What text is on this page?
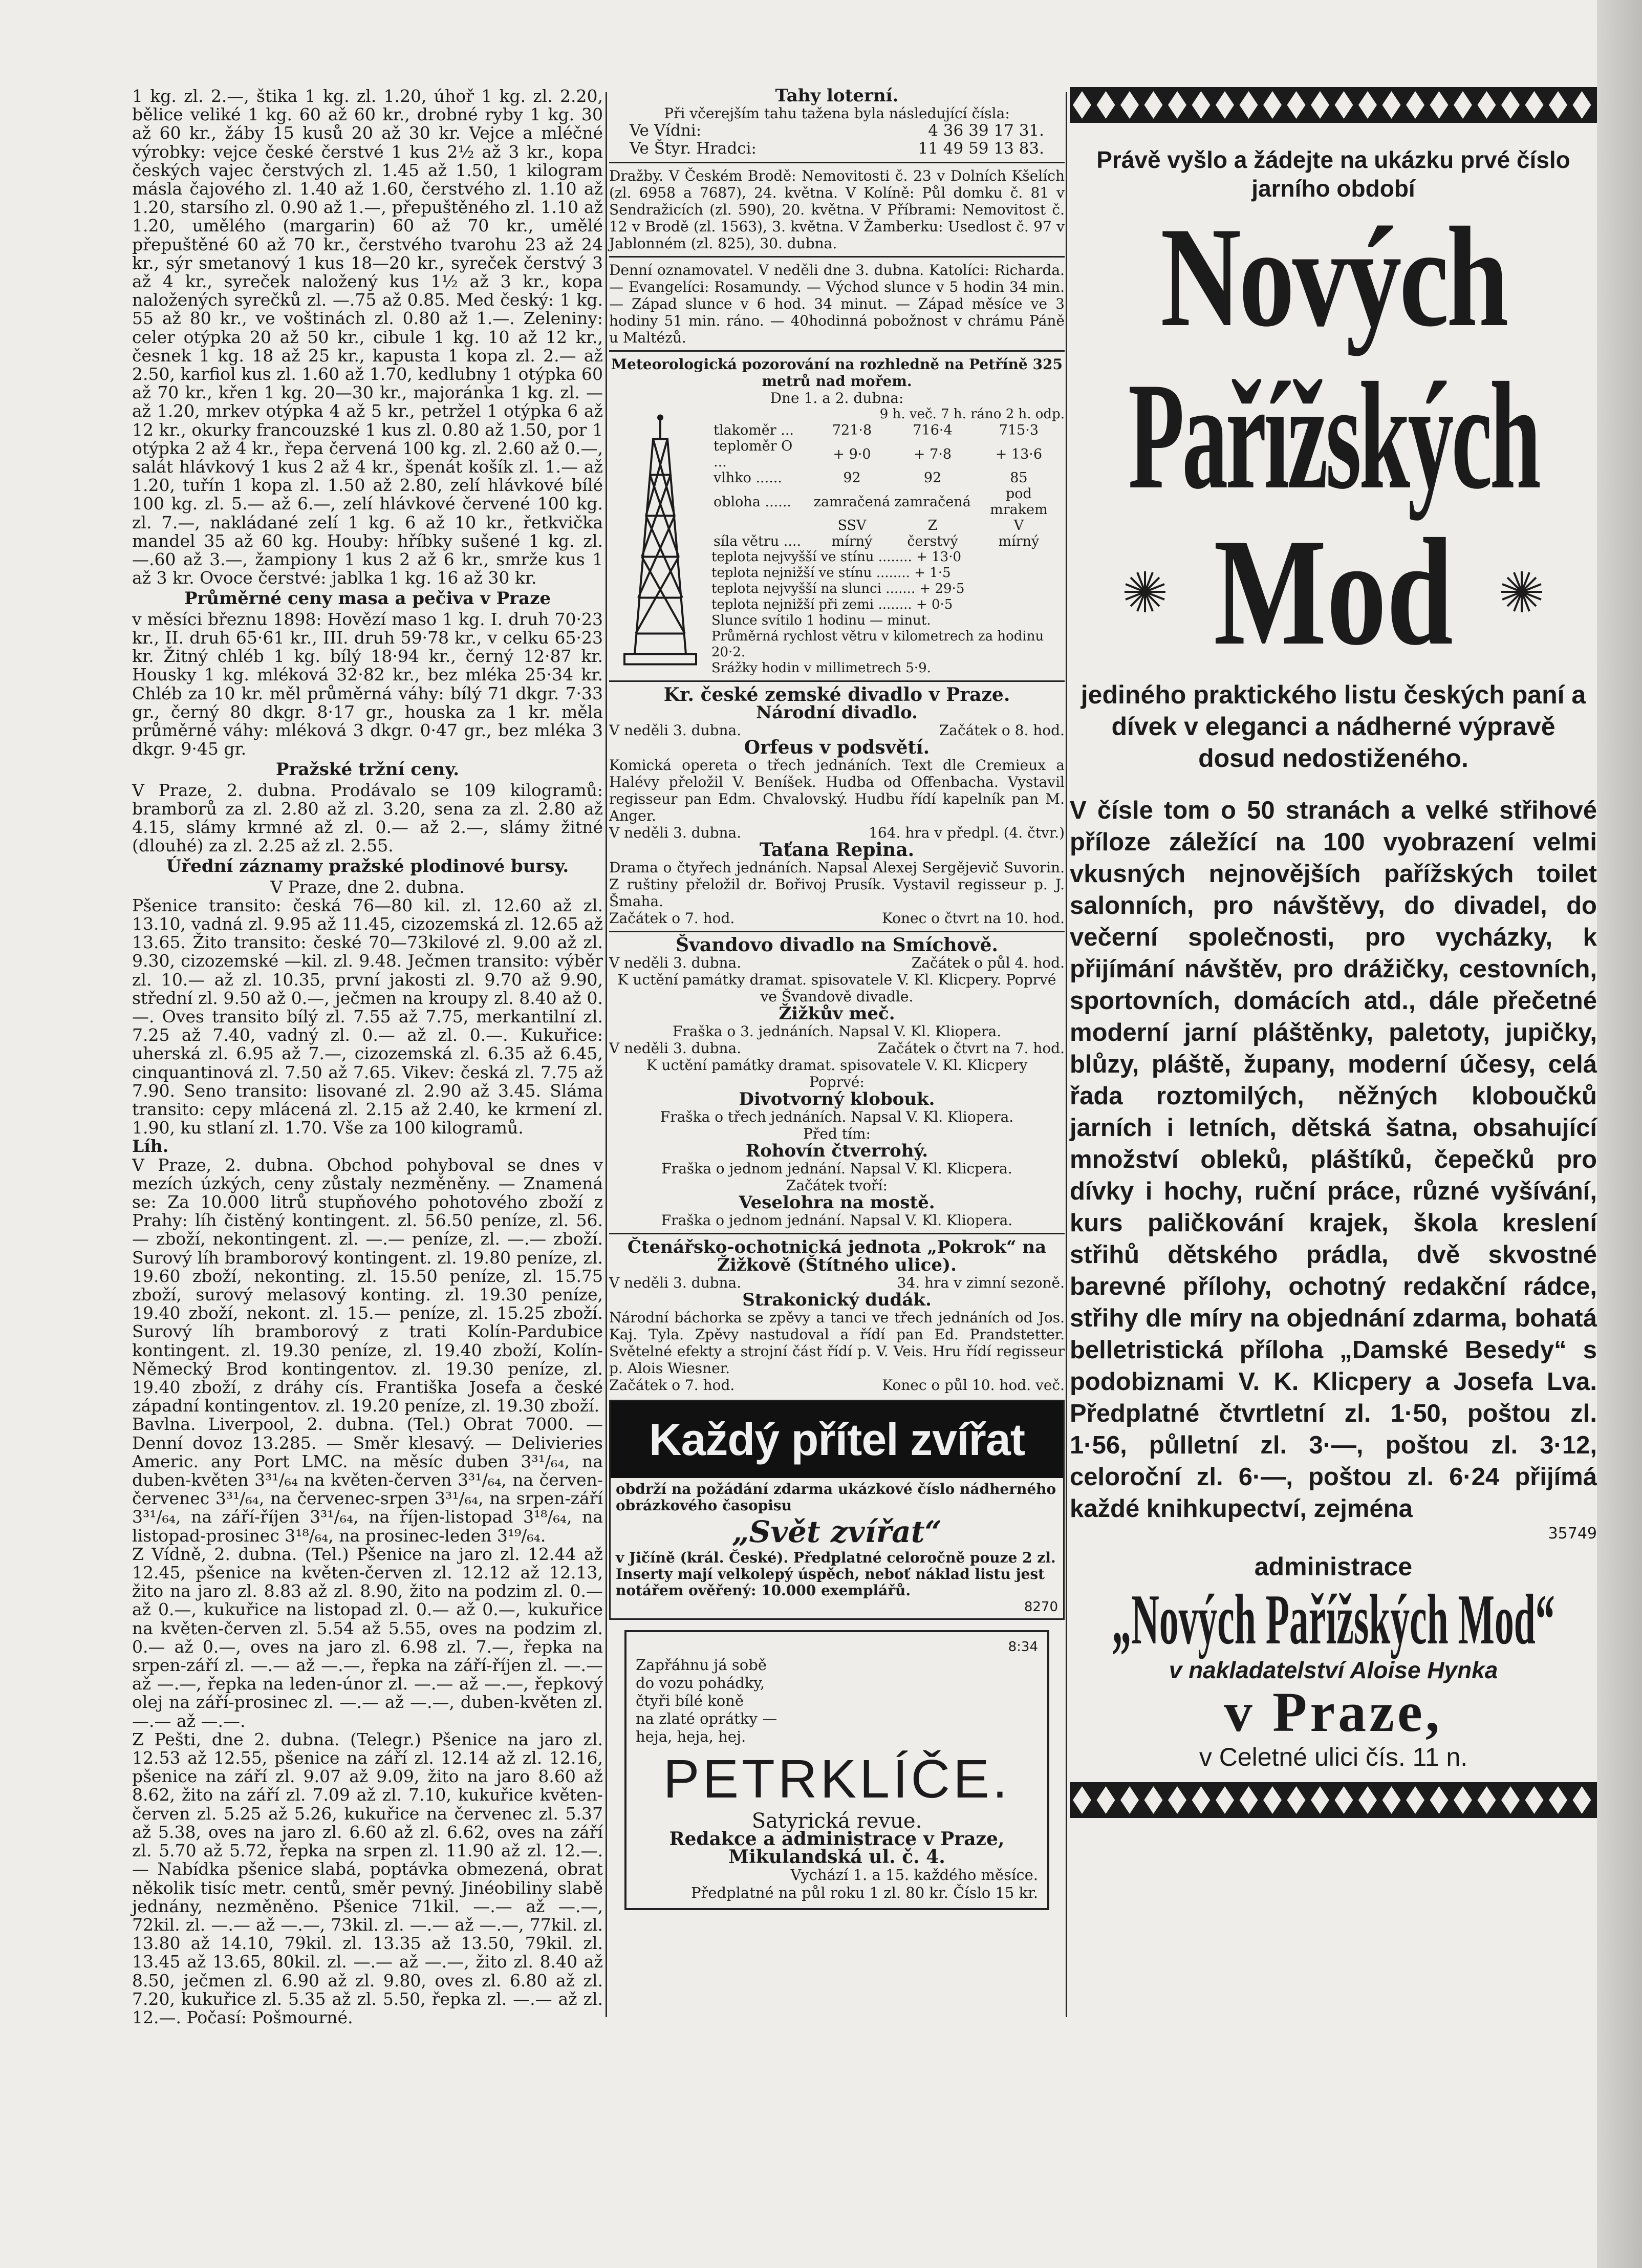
1 kg. zl. 2.—, štika 1 kg. zl. 1.20, úhoř 1 kg. zl. 2.20, bělice veliké 1 kg. 60 až 60 kr., drobné ryby 1 kg. 30 až 60 kr., žáby 15 kusů 20 až 30 kr. Vejce a mléčné výrobky: vejce české čerstvé 1 kus 2½ až 3 kr., kopa českých vajec čerstvých zl. 1.45 až 1.50, 1 kilogram másla čajového zl. 1.40 až 1.60, čerstvého zl. 1.10 až 1.20, starsího zl. 0.90 až 1.—, přepuštěného zl. 1.10 až 1.20, umělého (margarin) 60 až 70 kr., umělé přepuštěné 60 až 70 kr., čerstvého tvarohu 23 až 24 kr., sýr smetanový 1 kus 18—20 kr., syreček čerstvý 3 až 4 kr., syreček naložený kus 1½ až 3 kr., kopa naložených syrečků zl. —.75 až 0.85. Med český: 1 kg. 55 až 80 kr., ve voštinách zl. 0.80 až 1.—. Zeleniny: celer otýpka 20 až 50 kr., cibule 1 kg. 10 až 12 kr., česnek 1 kg. 18 až 25 kr., kapusta 1 kopa zl. 2.— až 2.50, karfiol kus zl. 1.60 až 1.70, kedlubny 1 otýpka 60 až 70 kr., křen 1 kg. 20—30 kr., majoránka 1 kg. zl. — až 1.20, mrkev otýpka 4 až 5 kr., petržel 1 otýpka 6 až 12 kr., okurky francouzské 1 kus zl. 0.80 až 1.50, por 1 otýpka 2 až 4 kr., řepa červená 100 kg. zl. 2.60 až 0.—, salát hlávkový 1 kus 2 až 4 kr., špenát košík zl. 1.— až 1.20, tuřín 1 kopa zl. 1.50 až 2.80, zelí hlávkové bílé 100 kg. zl. 5.— až 6.—, zelí hlávkové červené 100 kg. zl. 7.—, nakládané zelí 1 kg. 6 až 10 kr., řetkvička mandel 35 až 60 kg. Houby: hříbky sušené 1 kg. zl. —.60 až 3.—, žampiony 1 kus 2 až 6 kr., smrže kus 1 až 3 kr. Ovoce čerstvé: jablka 1 kg. 16 až 30 kr.

Průměrné ceny masa a pečiva v Praze

v měsíci březnu 1898: Hovězí maso 1 kg. I. druh 70·23 kr., II. druh 65·61 kr., III. druh 59·78 kr., v celku 65·23 kr. Žitný chléb 1 kg. bílý 18·94 kr., černý 12·87 kr. Housky 1 kg. mléková 32·82 kr., bez mléka 25·34 kr. Chléb za 10 kr. měl průměrná váhy: bílý 71 dkgr. 7·33 gr., černý 80 dkgr. 8·17 gr., houska za 1 kr. měla průměrné váhy: mléková 3 dkgr. 0·47 gr., bez mléka 3 dkgr. 9·45 gr.

Pražské tržní ceny.

V Praze, 2. dubna. Prodávalo se 109 kilogramů: bramborů za zl. 2.80 až zl. 3.20, sena za zl. 2.80 až 4.15, slámy krmné až zl. 0.— až 2.—, slámy žitné (dlouhé) za zl. 2.25 až zl. 2.55.

Úřední záznamy pražské plodinové bursy.
V Praze, dne 2. dubna.

Pšenice transito: česká 76—80 kil. zl. 12.60 až zl. 13.10, vadná zl. 9.95 až 11.45, cizozemská zl. 12.65 až 13.65. Žito transito: české 70—73kilové zl. 9.00 až zl. 9.30, cizozemské —kil. zl. 9.48. Ječmen transito: výběr zl. 10.— až zl. 10.35, první jakosti zl. 9.70 až 9.90, střední zl. 9.50 až 0.—, ječmen na kroupy zl. 8.40 až 0.—. Oves transito bílý zl. 7.55 až 7.75, merkantilní zl. 7.25 až 7.40, vadný zl. 0.— až zl. 0.—. Kukuřice: uherská zl. 6.95 až 7.—, cizozemská zl. 6.35 až 6.45, cinquantinová zl. 7.50 až 7.65. Vikev: česká zl. 7.75 až 7.90. Seno transito: lisované zl. 2.90 až 3.45. Sláma transito: cepy mlácená zl. 2.15 až 2.40, ke krmení zl. 1.90, ku stlaní zl. 1.70. Vše za 100 kilogramů.

Líh.

V Praze, 2. dubna. Obchod pohyboval se dnes v mezích úzkých, ceny zůstaly nezměněny. — Znamená se: Za 10.000 litrů stupňového pohotového zboží z Prahy: líh čistěný kontingent. zl. 56.50 peníze, zl. 56.— zboží, nekontingent. zl. —.— peníze, zl. —.— zboží. Surový líh bramborový kontingent. zl. 19.80 peníze, zl. 19.60 zboží, nekonting. zl. 15.50 peníze, zl. 15.75 zboží, surový melasový konting. zl. 19.30 peníze, 19.40 zboží, nekont. zl. 15.— peníze, zl. 15.25 zboží. Surový líh bramborový z trati Kolín-Pardubice kontingent. zl. 19.30 peníze, zl. 19.40 zboží, Kolín-Německý Brod kontingentov. zl. 19.30 peníze, zl. 19.40 zboží, z dráhy cís. Františka Josefa a české západní kontingentov. zl. 19.20 peníze, zl. 19.30 zboží.

Bavlna. Liverpool, 2. dubna. (Tel.) Obrat 7000. — Denní dovoz 13.285. — Směr klesavý. — Delivieries Americ. any Port LMC. na měsíc duben 3³¹/₆₄, na duben-květen 3³¹/₆₄ na květen-červen 3³¹/₆₄, na červen-červenec 3³¹/₆₄, na červenec-srpen 3³¹/₆₄, na srpen-září 3³¹/₆₄, na září-říjen 3³¹/₆₄, na říjen-listopad 3¹⁸/₆₄, na listopad-prosinec 3¹⁸/₆₄, na prosinec-leden 3¹⁹/₆₄.

Z Vídně, 2. dubna. (Tel.) Pšenice na jaro zl. 12.44 až 12.45, pšenice na květen-červen zl. 12.12 až 12.13, žito na jaro zl. 8.83 až zl. 8.90, žito na podzim zl. 0.— až 0.—, kukuřice na listopad zl. 0.— až 0.—, kukuřice na květen-červen zl. 5.54 až 5.55, oves na podzim zl. 0.— až 0.—, oves na jaro zl. 6.98 zl. 7.—, řepka na srpen-září zl. —.— až —.—, řepka na září-říjen zl. —.— až —.—, řepka na leden-únor zl. —.— až —.—, řepkový olej na září-prosinec zl. —.— až —.—, duben-květen zl. —.— až —.—.

Z Pešti, dne 2. dubna. (Telegr.) Pšenice na jaro zl. 12.53 až 12.55, pšenice na září zl. 12.14 až zl. 12.16, pšenice na září zl. 9.07 až 9.09, žito na jaro 8.60 až 8.62, žito na září zl. 7.09 až zl. 7.10, kukuřice květen-červen zl. 5.25 až 5.26, kukuřice na červenec zl. 5.37 až 5.38, oves na jaro zl. 6.60 až zl. 6.62, oves na září zl. 5.70 až 5.72, řepka na srpen zl. 11.90 až zl. 12.—. — Nabídka pšenice slabá, poptávka obmezená, obrat několik tisíc metr. centů, směr pevný. Jinéobiliny slabě jednány, nezměněno. Pšenice 71kil. —.— až —.—, 72kil. zl. —.— až —.—, 73kil. zl. —.— až —.—, 77kil. zl. 13.80 až 14.10, 79kil. zl. 13.35 až 13.50, 79kil. zl. 13.45 až 13.65, 80kil. zl. —.— až —.—, žito zl. 8.40 až 8.50, ječmen zl. 6.90 až zl. 9.80, oves zl. 6.80 až zl. 7.20, kukuřice zl. 5.35 až zl. 5.50, řepka zl. —.— až zl. 12.—. Počasí: Pošmourné.

Tahy loterní.
Při včerejším tahu tažena byla následující čísla:
Ve Vídni:	4 36 39 17 31.
Ve Štyr. Hradci:	11 49 59 13 83.

Dražby. V Českém Brodě: Nemovitosti č. 23 v Dolních Kšelích (zl. 6958 a 7687), 24. května. V Kolíně: Půl domku č. 81 v Sendražicích (zl. 590), 20. května. V Příbrami: Nemovitost č. 12 v Brodě (zl. 1563), 3. května. V Žamberku: Usedlost č. 97 v Jablonném (zl. 825), 30. dubna.

Denní oznamovatel. V neděli dne 3. dubna. Katolíci: Richarda. — Evangelíci: Rosamundy. — Východ slunce v 5 hodin 34 min. — Západ slunce v 6 hod. 34 minut. — Západ měsíce ve 3 hodiny 51 min. ráno. — 40hodinná pobožnost v chrámu Páně u Maltézů.

Meteorologická pozorování na rozhledně na Petříně 325 metrů nad mořem.
Dne 1. a 2. dubna:
9 h. več. 7 h. ráno 2 h. odp.
tlakoměr ...	721·8	716·4	715·3
teploměr O ...	+ 9·0	+ 7·8	+ 13·6
vlhko ......	92	92	85
obloha ......	zamračená	zamračená	pod mrakem
	SSV	Z	V
síla větru ....	mírný	čerstvý	mírný
teplota nejvyšší ve stínu ........ + 13·0
teplota nejnižší ve stínu ........ + 1·5
teplota nejvyšší na slunci ....... + 29·5
teplota nejnižší při zemi ........ + 0·5
Slunce svítilo 1 hodinu — minut.
Průměrná rychlost větru v kilometrech za hodinu 20·2.
Srážky hodin v millimetrech 5·9.
Kr. české zemské divadlo v Praze.
Národní divadlo.
V neděli 3. dubna.	Začátek o 8. hod.
Orfeus v podsvětí.

Komická opereta o třech jednáních. Text dle Cremieux a Halévy přeložil V. Beníšek. Hudba od Offenbacha. Vystavil regisseur pan Edm. Chvalovský. Hudbu řídí kapelník pan M. Anger.

V neděli 3. dubna.	164. hra v předpl. (4. čtvr.)
Taťana Repina.

Drama o čtyřech jednáních. Napsal Alexej Sergějevič Suvorin. Z ruštiny přeložil dr. Bořivoj Prusík. Vystavil regisseur p. J. Šmaha.

Začátek o 7. hod.	Konec o čtvrt na 10. hod.
Švandovo divadlo na Smíchově.
V neděli 3. dubna.	Začátek o půl 4. hod.
K uctění památky dramat. spisovatele V. Kl. Klicpery. Poprvé ve Švandově divadle.
Žižkův meč.
Fraška o 3. jednáních. Napsal V. Kl. Kliopera.
V neděli 3. dubna.	Začátek o čtvrt na 7. hod.
K uctění památky dramat. spisovatele V. Kl. Klicpery
Poprvé:
Divotvorný klobouk.
Fraška o třech jednáních. Napsal V. Kl. Kliopera.
Před tím:
Rohovín čtverrohý.
Fraška o jednom jednání. Napsal V. Kl. Klicpera.
Začátek tvoří:
Veselohra na mostě.
Fraška o jednom jednání. Napsal V. Kl. Kliopera.
Čtenářsko-ochotnická jednota „Pokrok“ na Žižkově (Štítného ulice).
V neděli 3. dubna.	34. hra v zimní sezoně.
Strakonický dudák.

Národní báchorka se zpěvy a tanci ve třech jednáních od Jos. Kaj. Tyla. Zpěvy nastudoval a řídí pan Ed. Prandstetter. Světelné efekty a strojní část řídí p. V. Veis. Hru řídí regisseur p. Alois Wiesner.

Začátek o 7. hod.	Konec o půl 10. hod. več.
Každý přítel zvířat
obdrží na požádání zdarma ukázkové číslo nádherného obrázkového časopisu
„Svět zvířat“
v Jičíně (král. České). Předplatné celoročně pouze 2 zl. Inserty mají velkolepý úspěch, neboť náklad listu jest notářem ověřený: 10.000 exemplářů.
8270
8:34
Zapřáhnu já sobě
do vozu pohádky,
čtyři bílé koně
na zlaté oprátky —
heja, heja, hej.
PETRKLÍČE.
Satyrická revue.
Redakce a administrace v Praze,
Mikulandská ul. č. 4.
Vychází 1. a 15. každého měsíce.
Předplatné na půl roku 1 zl. 80 kr. Číslo 15 kr.
Právě vyšlo a žádejte na ukázku prvé číslo jarního období
Nových
Pařížských
Mod
jediného praktického listu českých paní a dívek v eleganci a nádherné výpravě dosud nedostiženého.
V čísle tom o 50 stranách a velké střihové příloze záležící na 100 vyobrazení velmi vkusných nejnovějších pařížských toilet salonních, pro návštěvy, do divadel, do večerní společnosti, pro vycházky, k přijímání návštěv, pro drážičky, cestovních, sportovních, domácích atd., dále přečetné moderní jarní pláštěnky, paletoty, jupičky, blůzy, pláště, župany, moderní účesy, celá řada roztomilých, něžných kloboučků jarních i letních, dětská šatna, obsahující množství obleků, pláštíků, čepečků pro dívky i hochy, ruční práce, různé vyšívání, kurs paličkování krajek, škola kreslení střihů dětského prádla, dvě skvostné barevné přílohy, ochotný redakční rádce, střihy dle míry na objednání zdarma, bohatá belletristická příloha „Damské Besedy“ s podobiznami V. K. Klicpery a Josefa Lva. Předplatné čtvrtletní zl. 1·50, poštou zl. 1·56, půlletní zl. 3·—, poštou zl. 3·12, celoroční zl. 6·—, poštou zl. 6·24 přijímá každé knihkupectví, zejména
35749
administrace
„Nových Pařížských Mod“
v nakladatelství Aloise Hynka
v Praze,
v Celetné ulici čís. 11 n.
